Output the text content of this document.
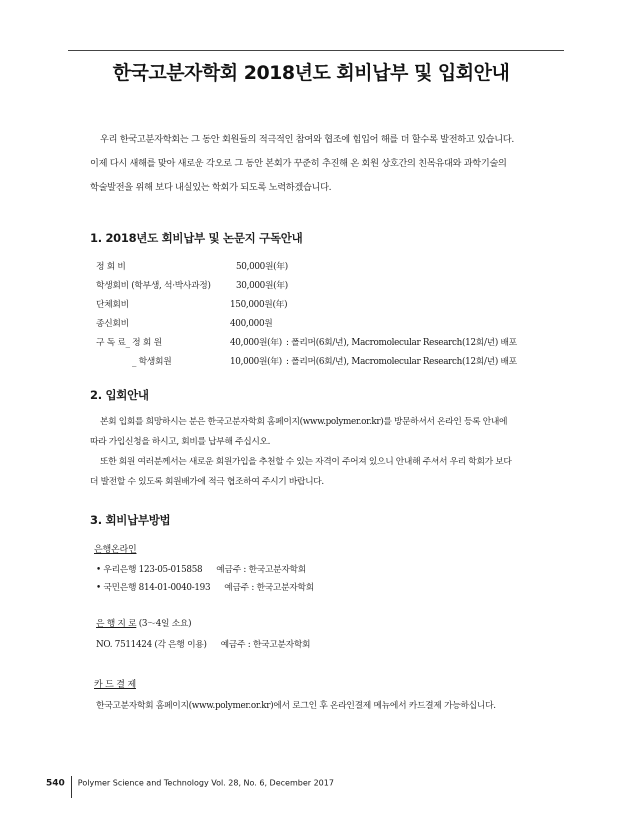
한국고분자학회 2018년도 회비납부 및 입회안내

우리 한국고분자학회는 그 동안 회원들의 적극적인 참여와 협조에 힘입어 해를 더 할수록 발전하고 있습니다.

이제 다시 새해를 맞아 새로운 각오로 그 동안 본회가 꾸준히 추진해 온 회원 상호간의 친목유대와 과학기술의

학술발전을 위해 보다 내실있는 학회가 되도록 노력하겠습니다.

1. 2018년도 회비납부 및 논문지 구독안내
정 회 비	50,000원(年)
학생회비 (학부생, 석·박사과정)	30,000원(年)
단체회비	150,000원(年)
종신회비	400,000원
구 독 료_ 정 회 원	40,000원(年) : 폴리머(6회/년), Macromolecular Research(12회/년) 배포
_ 학생회원	10,000원(年) : 폴리머(6회/년), Macromolecular Research(12회/년) 배포
2. 입회안내

본회 입회를 희망하시는 분은 한국고분자학회 홈페이지(www.polymer.or.kr)를 방문하셔서 온라인 등록 안내에

따라 가입신청을 하시고, 회비를 납부해 주십시오.

또한 회원 여러분께서는 새로운 회원가입을 추천할 수 있는 자격이 주어져 있으니 안내해 주셔서 우리 학회가 보다

더 발전할 수 있도록 회원배가에 적극 협조하여 주시기 바랍니다.

3. 회비납부방법
은행온라인
• 우리은행 123-05-015858 예금주 : 한국고분자학회
• 국민은행 814-01-0040-193 예금주 : 한국고분자학회
은 행 지 로 (3～4일 소요)
NO. 7511424 (각 은행 이용) 예금주 : 한국고분자학회
카 드 결 제
한국고분자학회 홈페이지(www.polymer.or.kr)에서 로그인 후 온라인결제 메뉴에서 카드결제 가능하십니다.
540 Polymer Science and Technology Vol. 28, No. 6, December 2017
